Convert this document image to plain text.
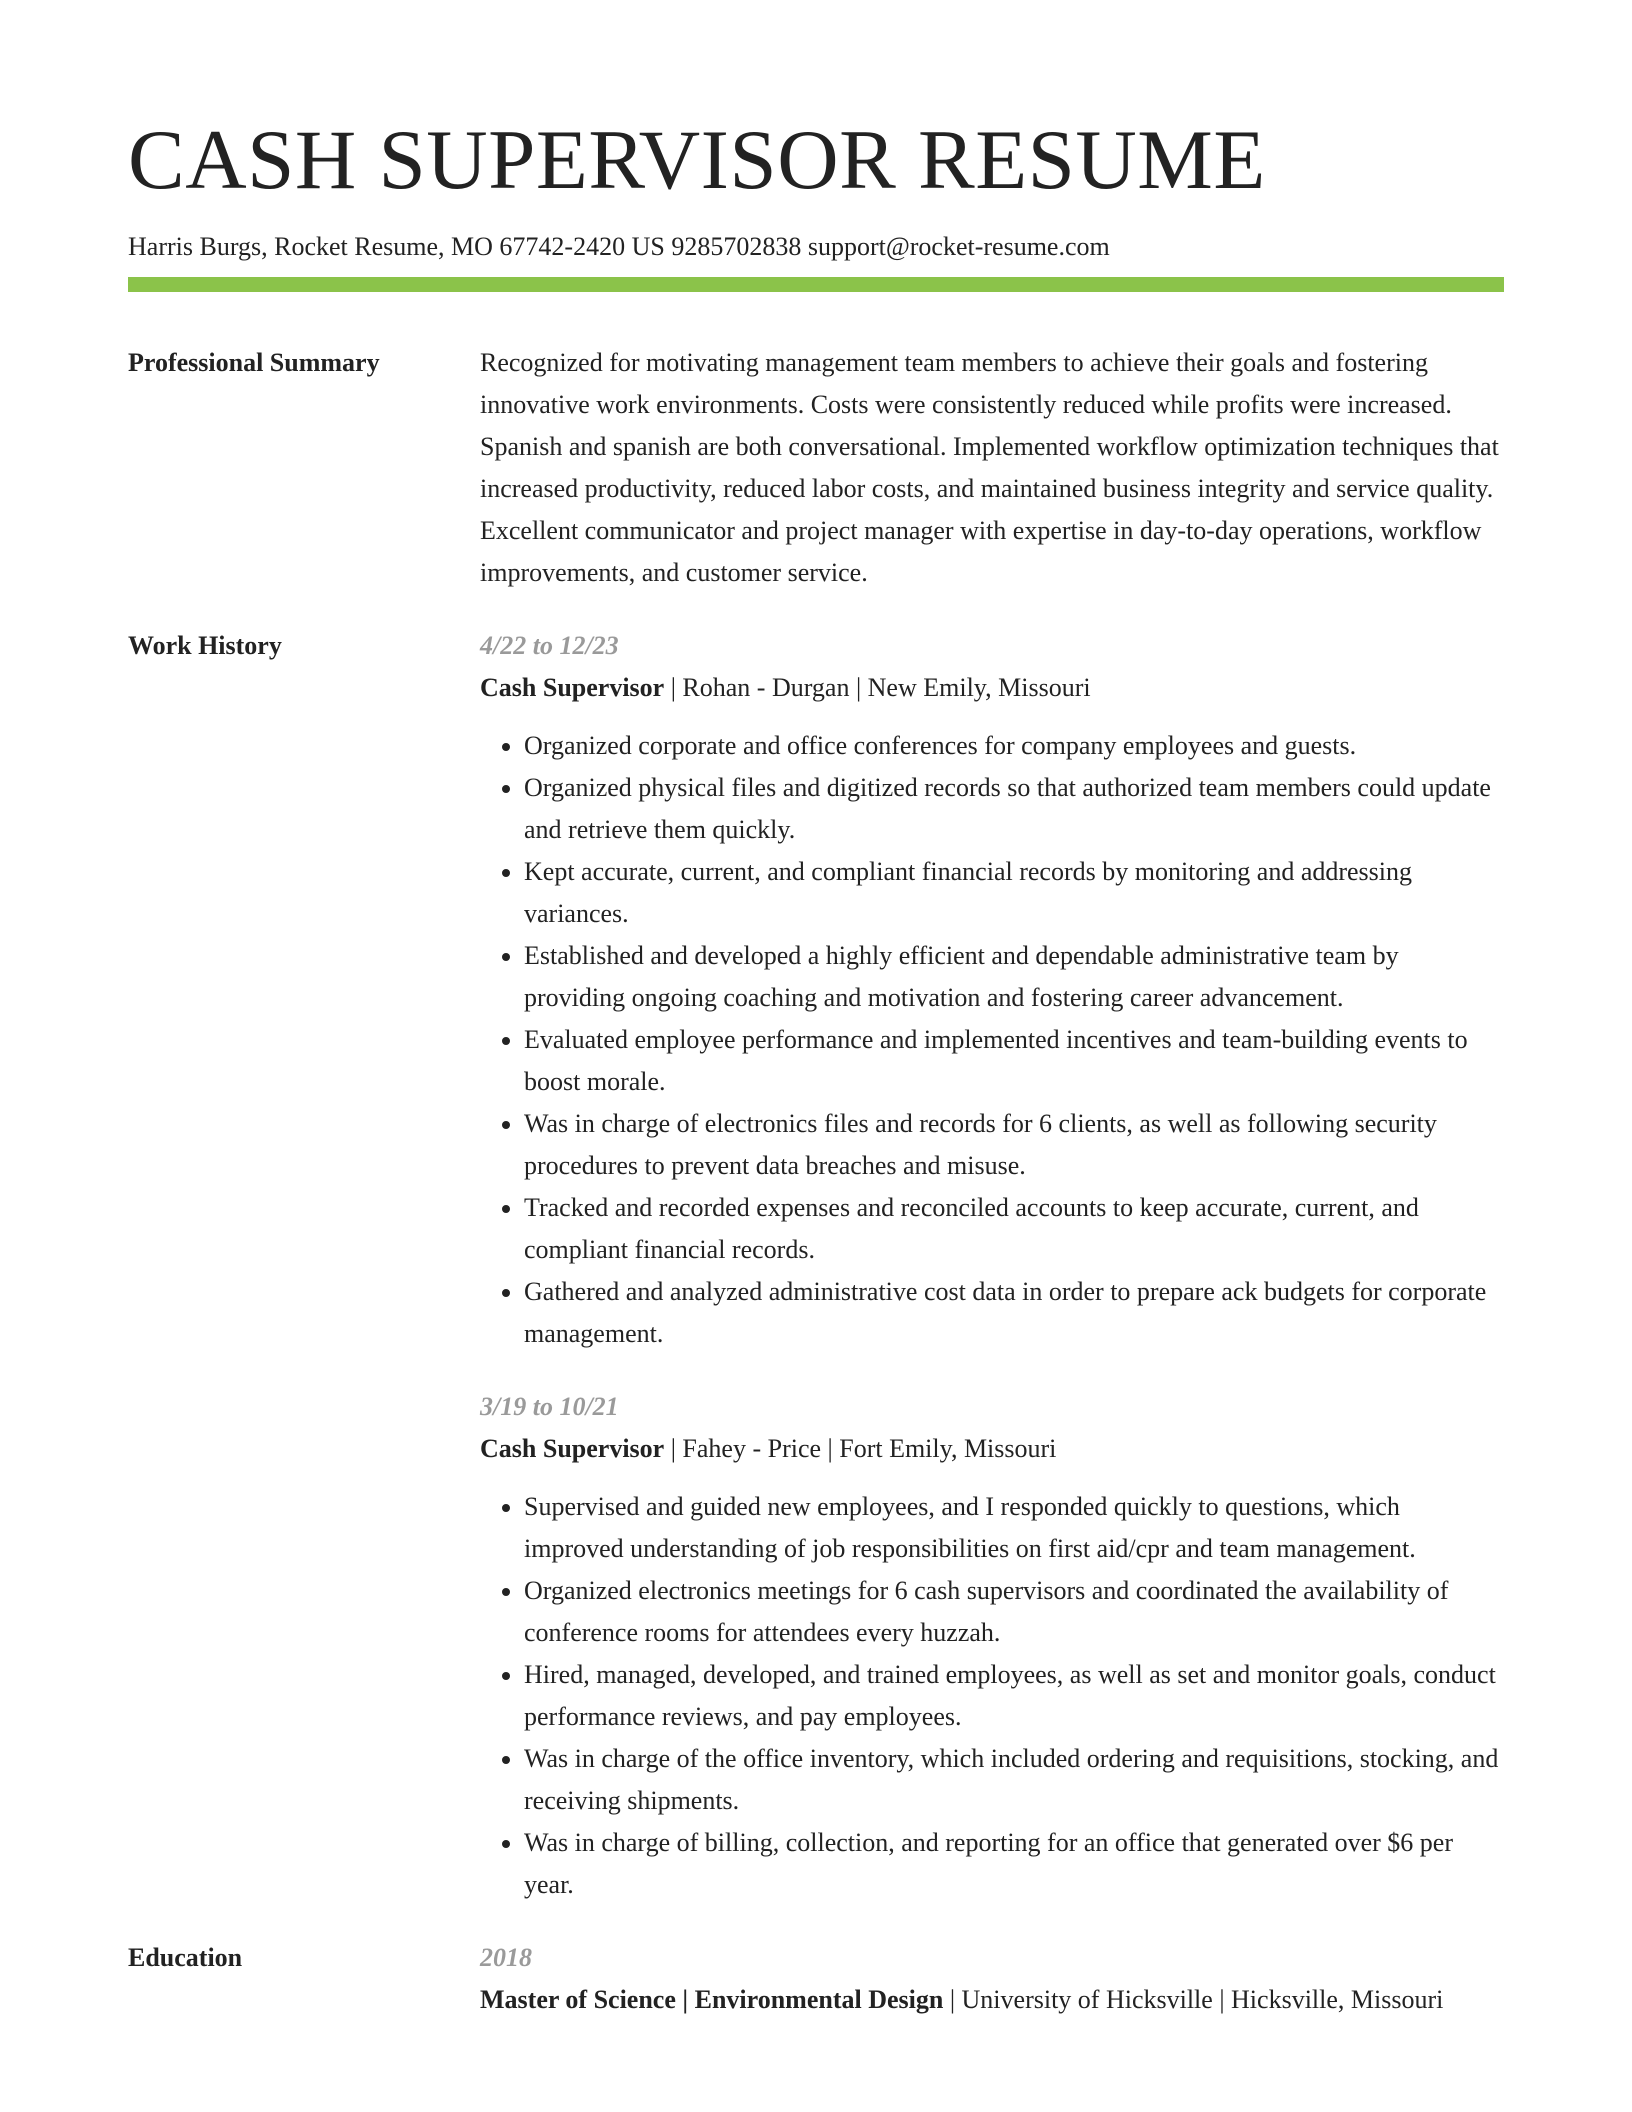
CASH SUPERVISOR RESUME
Harris Burgs, Rocket Resume, MO 67742-2420 US 9285702838 support@rocket-resume.com
Professional Summary	Recognized for motivating management team members to achieve their goals and fostering innovative work environments. Costs were consistently reduced while profits were increased. Spanish and spanish are both conversational. Implemented workflow optimization techniques that increased productivity, reduced labor costs, and maintained business integrity and service quality. Excellent communicator and project manager with expertise in day-to-day operations, workflow improvements, and customer service.

Work History	4/22 to 12/23
Cash Supervisor | Rohan - Durgan | New Emily, Missouri
• Organized corporate and office conferences for company employees and guests.
• Organized physical files and digitized records so that authorized team members could update and retrieve them quickly.
• Kept accurate, current, and compliant financial records by monitoring and addressing variances.
• Established and developed a highly efficient and dependable administrative team by providing ongoing coaching and motivation and fostering career advancement.
• Evaluated employee performance and implemented incentives and team-building events to boost morale.
• Was in charge of electronics files and records for 6 clients, as well as following security procedures to prevent data breaches and misuse.
• Tracked and recorded expenses and reconciled accounts to keep accurate, current, and compliant financial records.
• Gathered and analyzed administrative cost data in order to prepare ack budgets for corporate management.
3/19 to 10/21
Cash Supervisor | Fahey - Price | Fort Emily, Missouri
• Supervised and guided new employees, and I responded quickly to questions, which improved understanding of job responsibilities on first aid/cpr and team management.
• Organized electronics meetings for 6 cash supervisors and coordinated the availability of conference rooms for attendees every huzzah.
• Hired, managed, developed, and trained employees, as well as set and monitor goals, conduct performance reviews, and pay employees.
• Was in charge of the office inventory, which included ordering and requisitions, stocking, and receiving shipments.
• Was in charge of billing, collection, and reporting for an office that generated over $6 per year.
Education	2018
Master of Science | Environmental Design | University of Hicksville | Hicksville, Missouri
